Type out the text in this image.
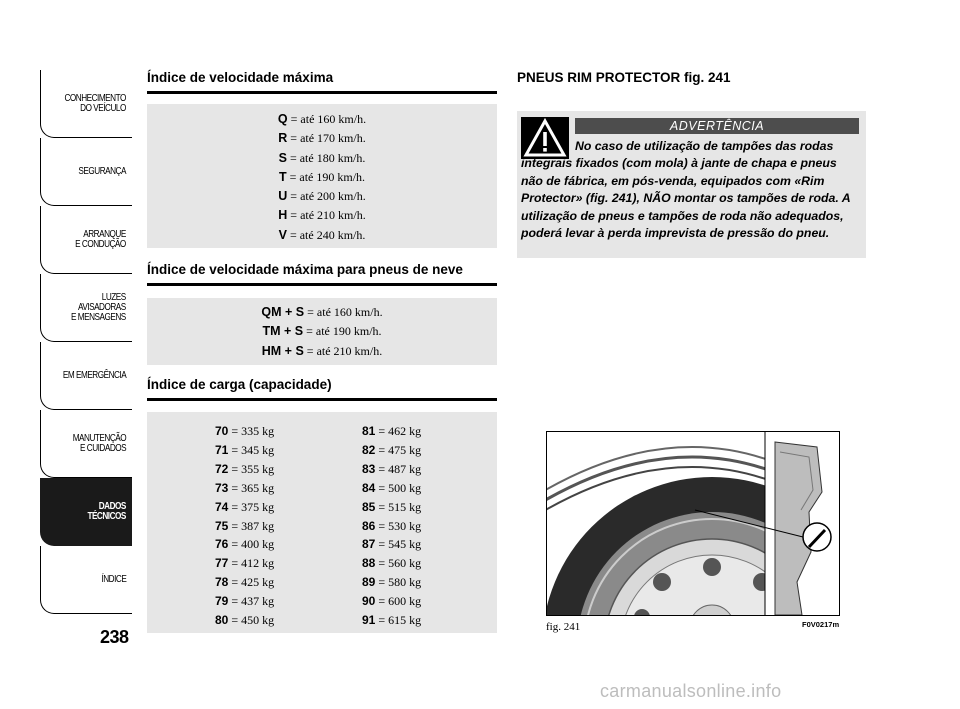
CONHECIMENTO
DO VEÍCULO
SEGURANÇA
ARRANQUE
E CONDUÇÃO
LUZES
AVISADORAS
E MENSAGENS
EM EMERGÊNCIA
MANUTENÇÃO
E CUIDADOS
DADOS
TÉCNICOS
ÍNDICE
238
Índice de velocidade máxima
Q = até 160 km/h.
R = até 170 km/h.
S = até 180 km/h.
T = até 190 km/h.
U = até 200 km/h.
H = até 210 km/h.
V = até 240 km/h.
Índice de velocidade máxima para pneus de neve
QM + S = até 160 km/h.
TM + S = até 190 km/h.
HM + S = até 210 km/h.
Índice de carga (capacidade)
70 = 335 kg
71 = 345 kg
72 = 355 kg
73 = 365 kg
74 = 375 kg
75 = 387 kg
76 = 400 kg
77 = 412 kg
78 = 425 kg
79 = 437 kg
80 = 450 kg
81 = 462 kg
82 = 475 kg
83 = 487 kg
84 = 500 kg
85 = 515 kg
86 = 530 kg
87 = 545 kg
88 = 560 kg
89 = 580 kg
90 = 600 kg
91 = 615 kg
PNEUS RIM PROTECTOR fig. 241
ADVERTÊNCIA
No caso de utilização de tampões das rodas integrais fixados (com mola) à jante de chapa e pneus não de fábrica, em pós-venda, equipados com «Rim Protector» (fig. 241), NÃO montar os tampões de roda. A utilização de pneus e tampões de roda não adequados, poderá levar à perda imprevista de pressão do pneu.
fig. 241	F0V0217m
carmanualsonline.info
